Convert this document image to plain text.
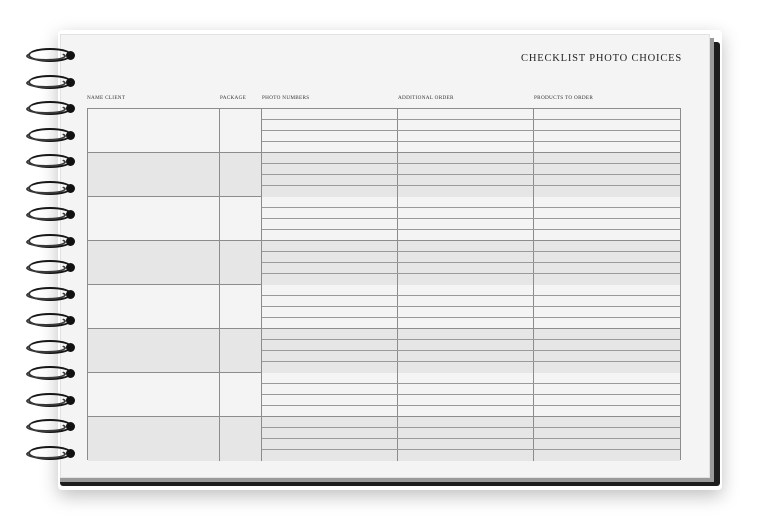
CHECKLIST PHOTO CHOICES
NAME CLIENT	PACKAGE	PHOTO NUMBERS	ADDITIONAL ORDER	PRODUCTS TO ORDER
